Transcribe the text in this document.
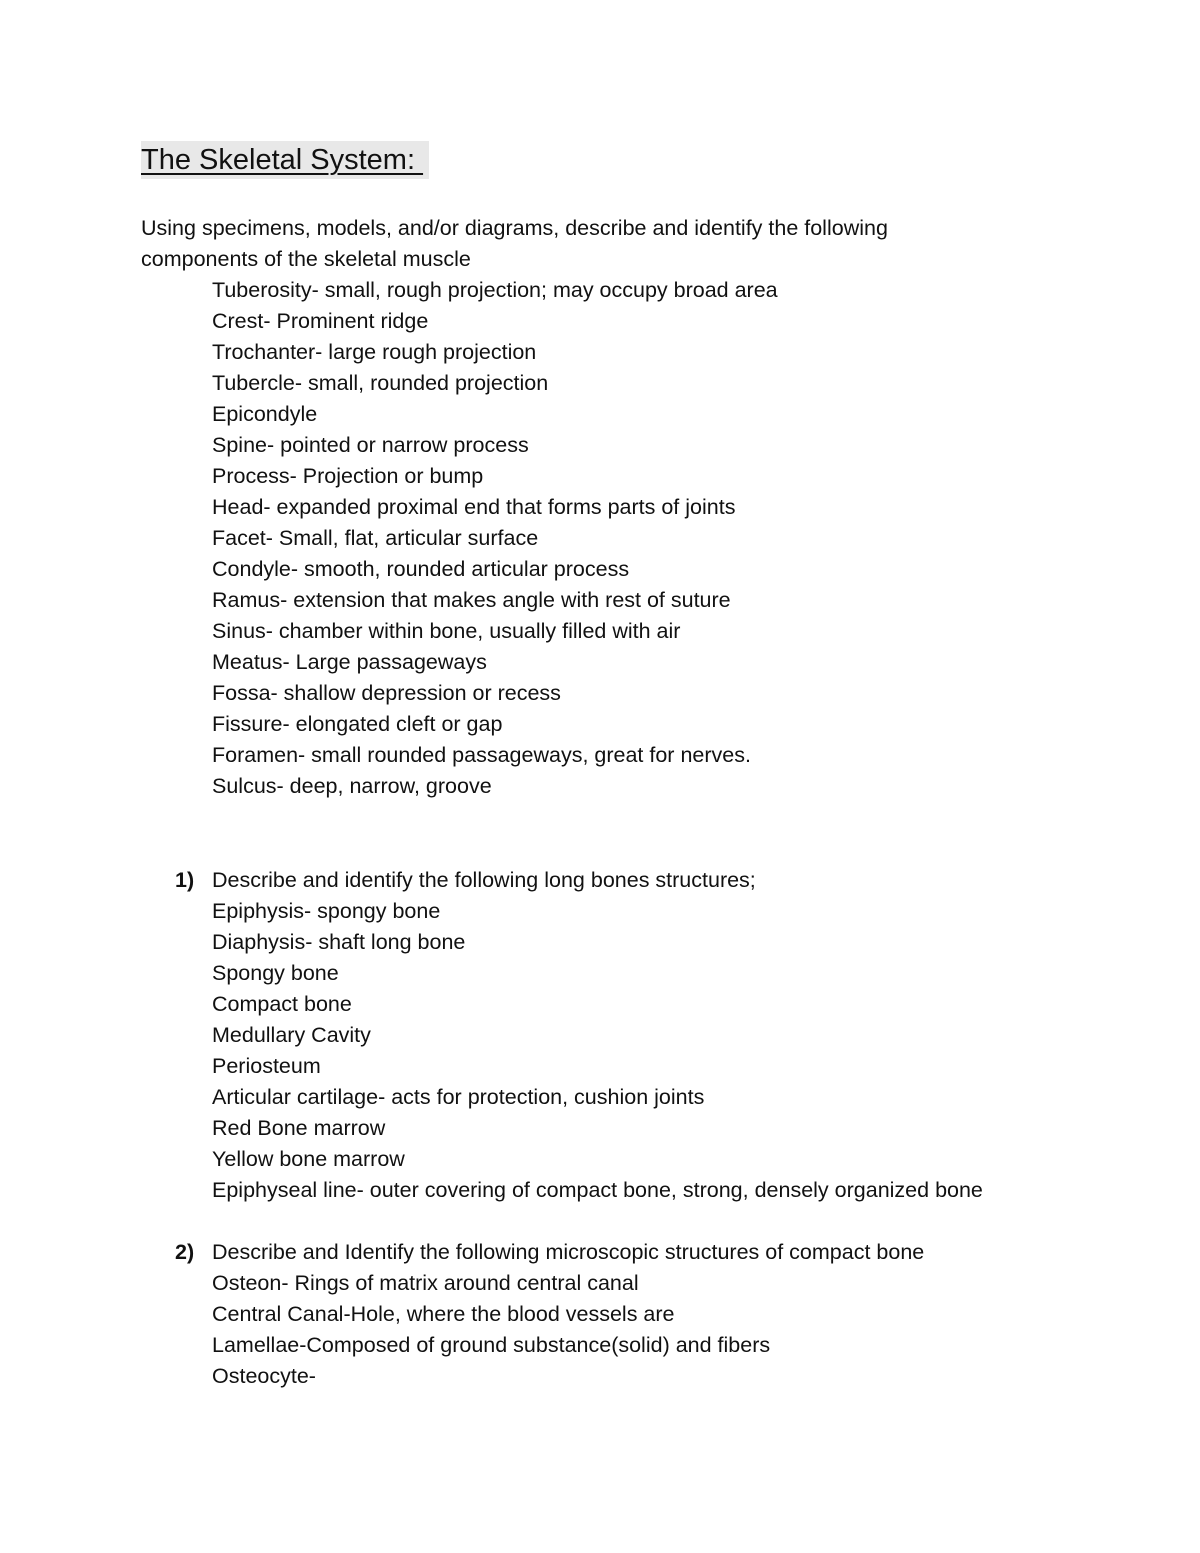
The Skeletal System:

Using specimens, models, and/or diagrams, describe and identify the following

components of the skeletal muscle

Tuberosity- small, rough projection; may occupy broad area
Crest- Prominent ridge
Trochanter- large rough projection
Tubercle- small, rounded projection
Epicondyle
Spine- pointed or narrow process
Process- Projection or bump
Head- expanded proximal end that forms parts of joints
Facet- Small, flat, articular surface
Condyle- smooth, rounded articular process
Ramus- extension that makes angle with rest of suture
Sinus- chamber within bone, usually filled with air
Meatus- Large passageways
Fossa- shallow depression or recess
Fissure- elongated cleft or gap
Foramen- small rounded passageways, great for nerves.
Sulcus- deep, narrow, groove
1) Describe and identify the following long bones structures;
Epiphysis- spongy bone
Diaphysis- shaft long bone
Spongy bone
Compact bone
Medullary Cavity
Periosteum
Articular cartilage- acts for protection, cushion joints
Red Bone marrow
Yellow bone marrow
Epiphyseal line- outer covering of compact bone, strong, densely organized bone
2) Describe and Identify the following microscopic structures of compact bone
Osteon- Rings of matrix around central canal
Central Canal-Hole, where the blood vessels are
Lamellae-Composed of ground substance(solid) and fibers
Osteocyte-
